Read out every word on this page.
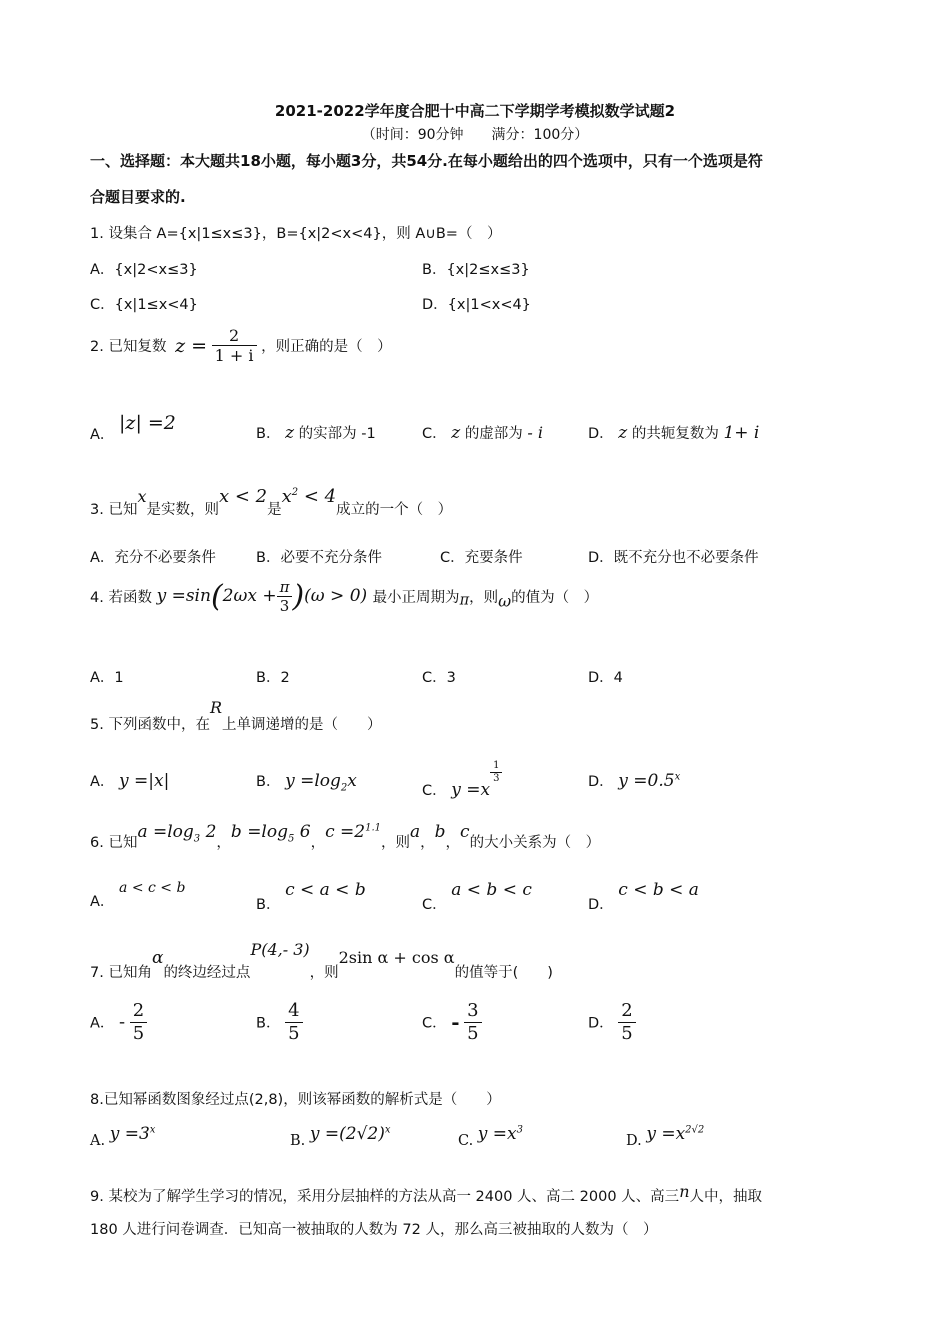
2021-2022学年度合肥十中高二下学期学考模拟数学试题2
（时间：90分钟　　满分：100分）
一、选择题：本大题共18小题，每小题3分，共54分.在每小题给出的四个选项中，只有一个选项是符
合题目要求的.
1. 设集合 A={x|1≤x≤3}，B={x|2<x<4}，则 A∪B=（　）
A．{x|2<x≤3}	B．{x|2≤x≤3}
C．{x|1≤x<4}	D．{x|1<x<4}
2. 已知复数 $z = \frac{2}{1 + i}$ ，则正确的是（　）
A． |z| =2	B． z 的实部为 -1	C． z 的虚部为 - i	D． z 的共轭复数为 1+ i
3. 已知x是实数，则x < 2是$x^2 < 4$成立的一个（　）
A．充分不必要条件	B．必要不充分条件	C．充要条件	D．既不充分也不必要条件
4. 若函数 $y =\sin(2\omega x + \frac{\pi}{3} )(\omega > 0)$ 最小正周期为π，则ω的值为（　）
A．1	B．2	C．3	D．4
5. 下列函数中，在R上单调递增的是（　　）
A． y =|x|	B． $y =\log_2x$	C． y =x
$\frac{1}{3}$	D． $y =0.5^x$
6. 已知$a =\log_3$ 2，$b =\log_5$ 6，$c =2^{1.1}$，则a，b，c的大小关系为（　）
A． a < c < b
B． c < a < b
C． a < b < c
D． c < b < a
7. 已知角α的终边经过点P(4,- 3)，则2sin α + cos α的值等于(　　)
A． - $\frac{2}{5}$	B． $\frac{4}{5}$	C． - $\frac{3}{5}$	D． $\frac{2}{5}$
8.已知幂函数图象经过点(2,8)，则该幂函数的解析式是（　　）
A. $y =3^x$
B. $y =(2√2)^x$
C. $y =x^3$
D. $y =x^{2√2}$
9. 某校为了解学生学习的情况，采用分层抽样的方法从高一 2400 人、高二 2000 人、高三n人中，抽取
180 人进行问卷调查．已知高一被抽取的人数为 72 人，那么高三被抽取的人数为（　）
